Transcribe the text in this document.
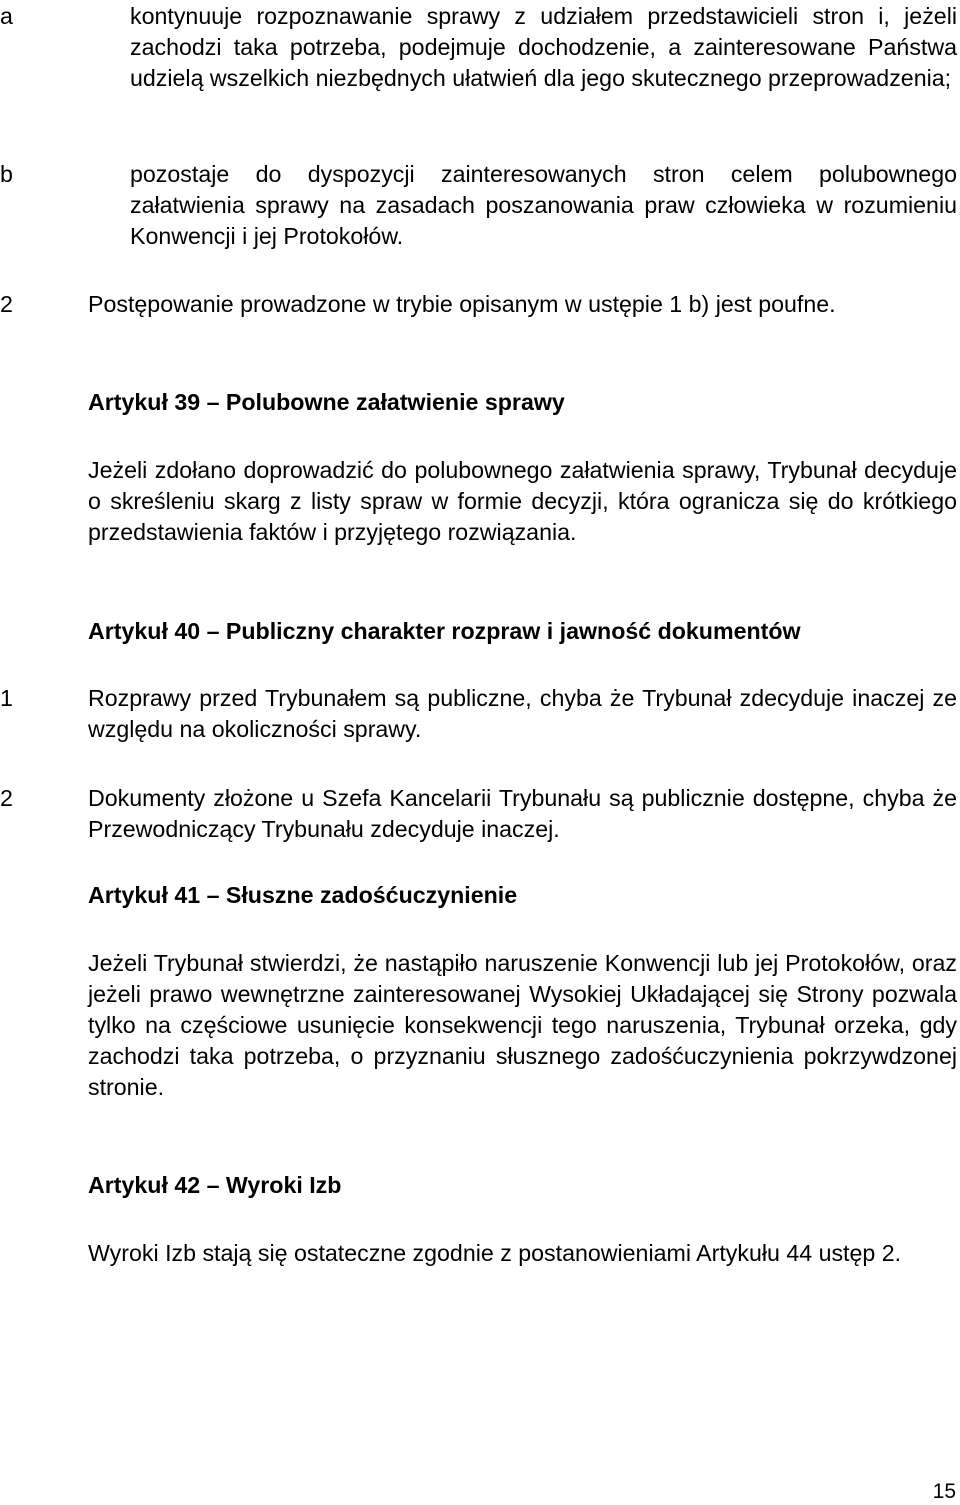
a	kontynuuje rozpoznawanie sprawy z udziałem przedstawicieli stron i, jeżeli zachodzi taka potrzeba, podejmuje dochodzenie, a zainteresowane Państwa udzielą wszelkich niezbędnych ułatwień dla jego skutecznego przeprowadzenia;

b	pozostaje do dyspozycji zainteresowanych stron celem polubownego załatwienia sprawy na zasadach poszanowania praw człowieka w rozumieniu Konwencji i jej Protokołów.

2	Postępowanie prowadzone w trybie opisanym w ustępie 1 b) jest poufne.

Artykuł 39 – Polubowne załatwienie sprawy

Jeżeli zdołano doprowadzić do polubownego załatwienia sprawy, Trybunał decyduje o skreśleniu skarg z listy spraw w formie decyzji, która ogranicza się do krótkiego przedstawienia faktów i przyjętego rozwiązania.

Artykuł 40 – Publiczny charakter rozpraw i jawność dokumentów

1	Rozprawy przed Trybunałem są publiczne, chyba że Trybunał zdecyduje inaczej ze względu na okoliczności sprawy.

2	Dokumenty złożone u Szefa Kancelarii Trybunału są publicznie dostępne, chyba że Przewodniczący Trybunału zdecyduje inaczej.

Artykuł 41 – Słuszne zadośćuczynienie

Jeżeli Trybunał stwierdzi, że nastąpiło naruszenie Konwencji lub jej Protokołów, oraz jeżeli prawo wewnętrzne zainteresowanej Wysokiej Układającej się Strony pozwala tylko na częściowe usunięcie konsekwencji tego naruszenia, Trybunał orzeka, gdy zachodzi taka potrzeba, o przyznaniu słusznego zadośćuczynienia pokrzywdzonej stronie.

Artykuł 42 – Wyroki Izb

Wyroki Izb stają się ostateczne zgodnie z postanowieniami Artykułu 44 ustęp 2.

15
